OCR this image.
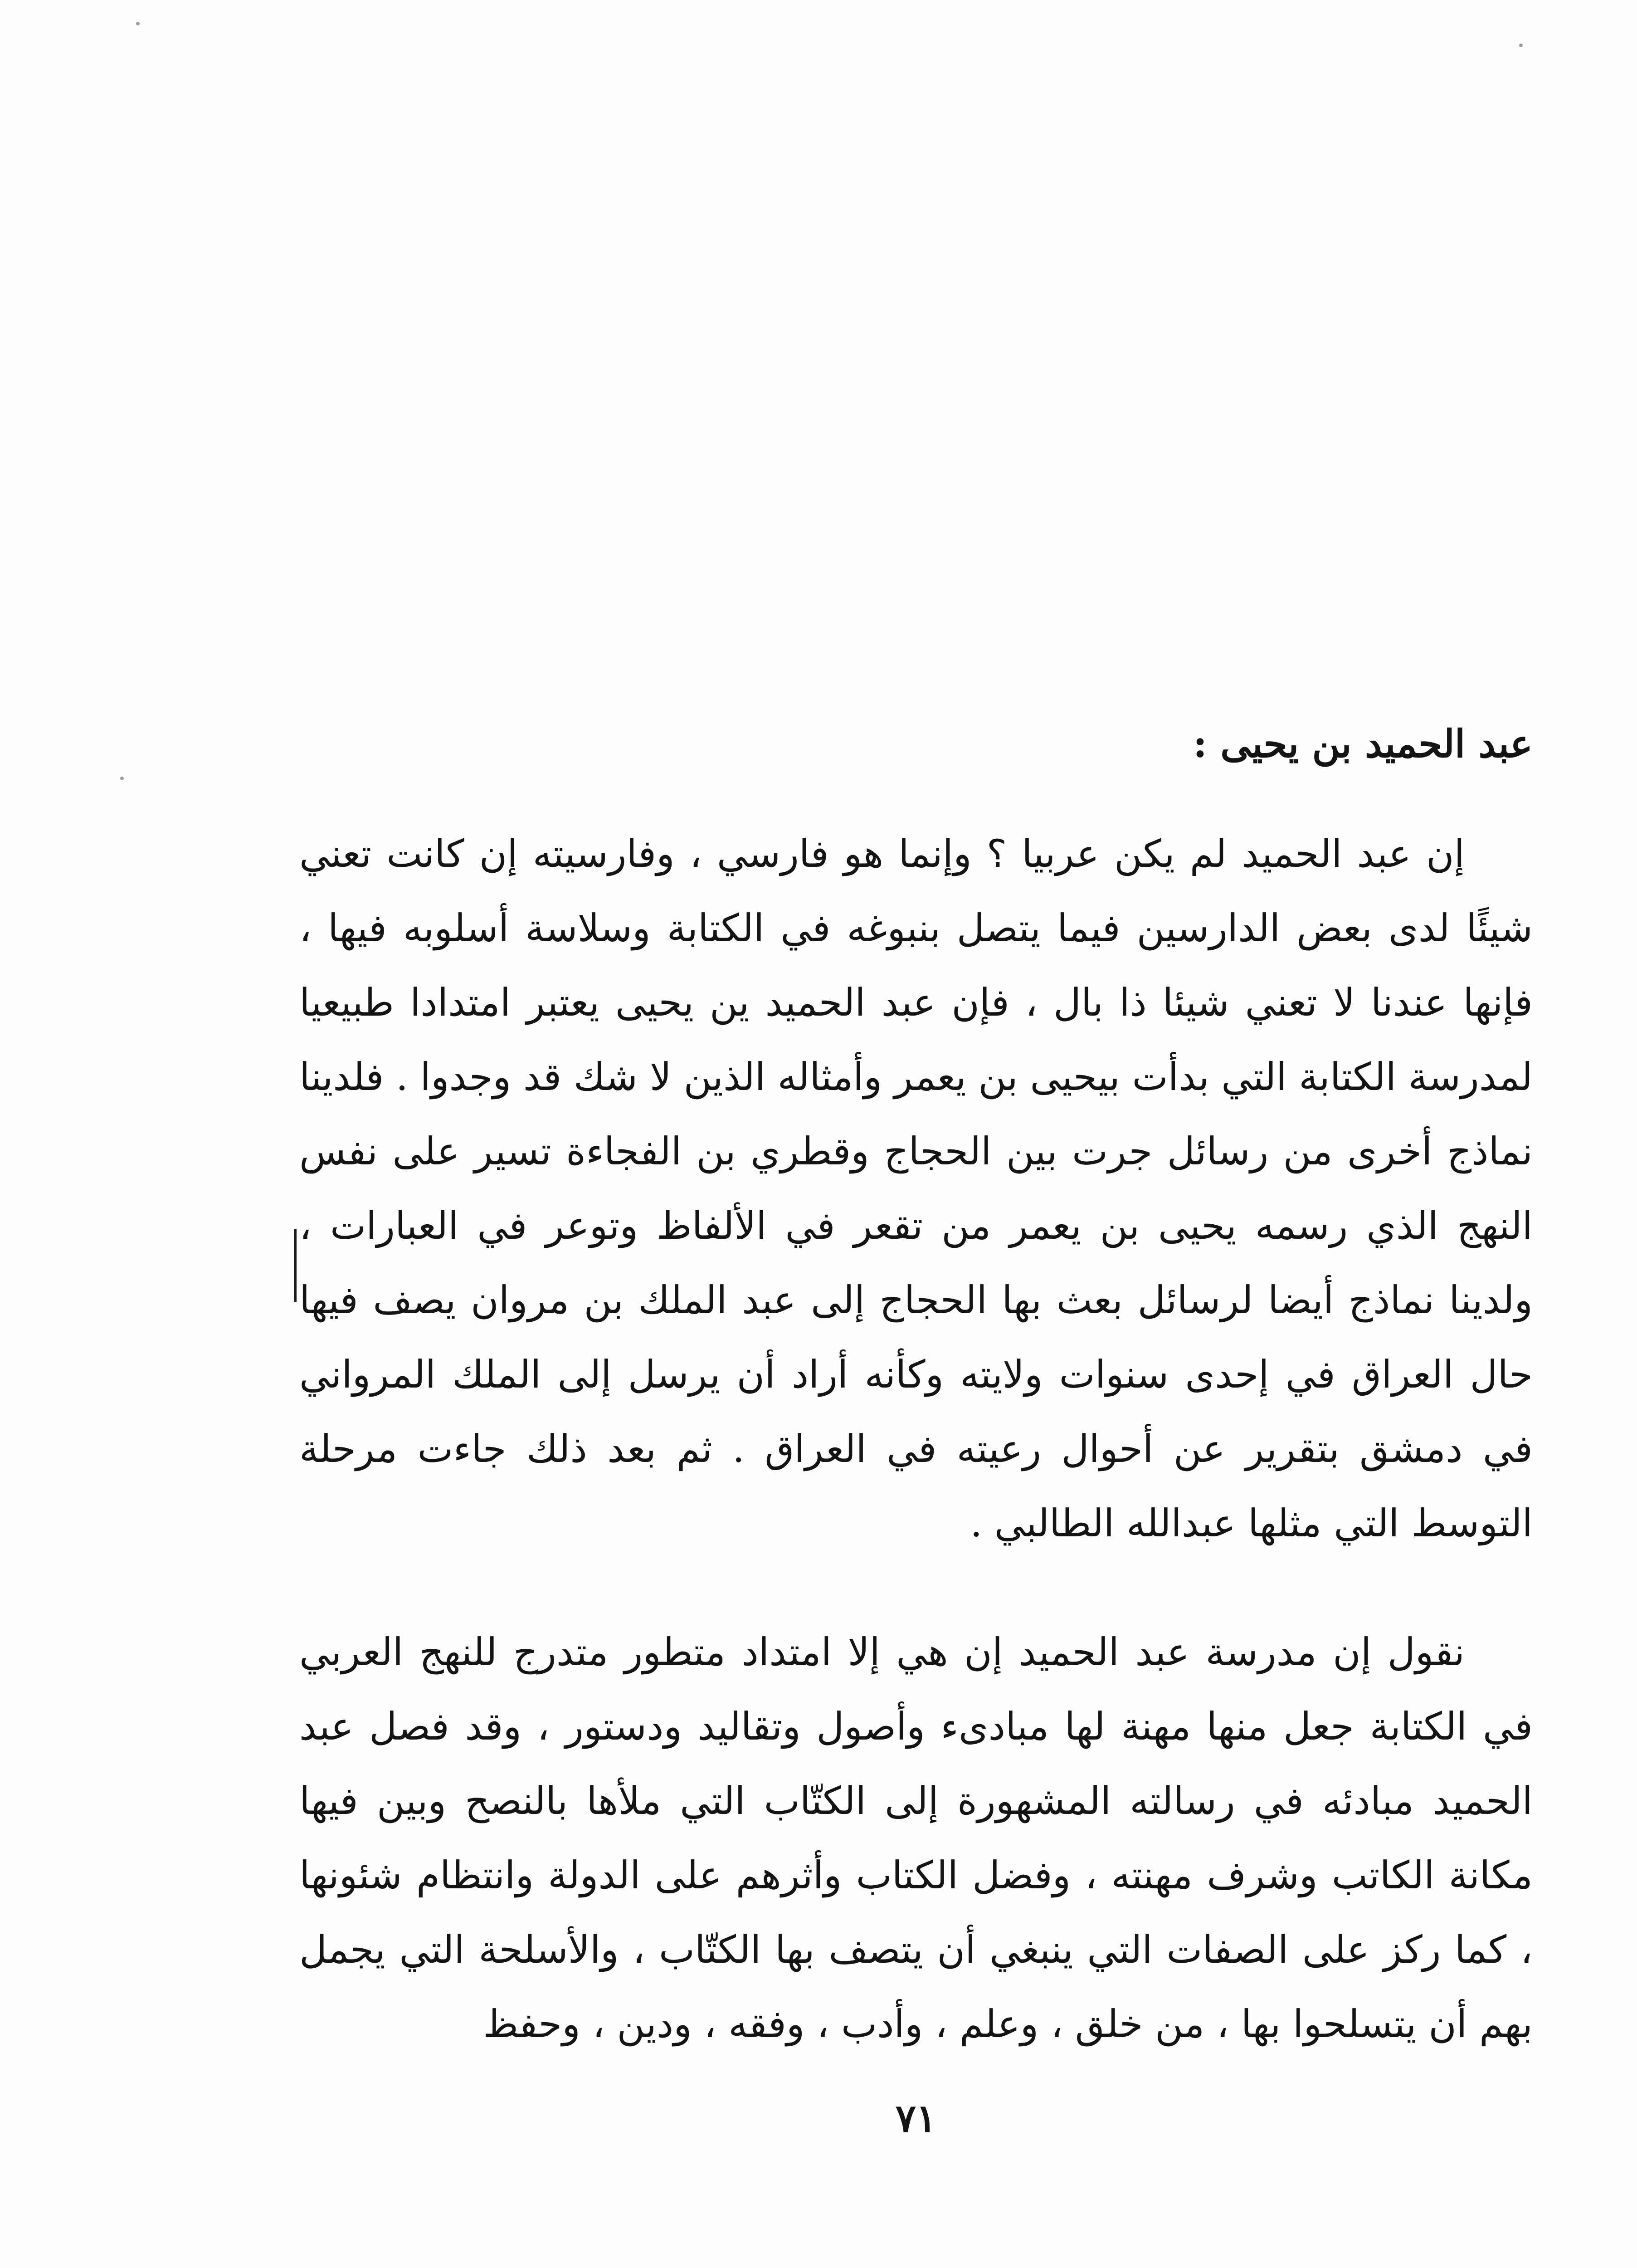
عبد الحميد بن يحيى :
إن عبد الحميد لم يكن عربيا ؟ وإنما هو فارسي ، وفارسيته إن كانت تعني شيئًا لدى بعض الدارسين فيما يتصل بنبوغه في الكتابة وسلاسة أسلوبه فيها ، فإنها عندنا لا تعني شيئا ذا بال ، فإن عبد الحميد ين يحيى يعتبر امتدادا طبيعيا لمدرسة الكتابة التي بدأت بيحيى بن يعمر وأمثاله الذين لا شك قد وجدوا . فلدينا نماذج أخرى من رسائل جرت بين الحجاج وقطري بن الفجاءة تسير على نفس النهج الذي رسمه يحيى بن يعمر من تقعر في الألفاظ وتوعر في العبارات ، ولدينا نماذج أيضا لرسائل بعث بها الحجاج إلى عبد الملك بن مروان يصف فيها حال العراق في إحدى سنوات ولايته وكأنه أراد أن يرسل إلى الملك المرواني في دمشق بتقرير عن أحوال رعيته في العراق . ثم بعد ذلك جاءت مرحلة التوسط التي مثلها عبدالله الطالبي .
نقول إن مدرسة عبد الحميد إن هي إلا امتداد متطور متدرج للنهج العربي في الكتابة جعل منها مهنة لها مبادىء وأصول وتقاليد ودستور ، وقد فصل عبد الحميد مبادئه في رسالته المشهورة إلى الكتّاب التي ملأها بالنصح وبين فيها مكانة الكاتب وشرف مهنته ، وفضل الكتاب وأثرهم على الدولة وانتظام شئونها ، كما ركز على الصفات التي ينبغي أن يتصف بها الكتّاب ، والأسلحة التي يجمل بهم أن يتسلحوا بها ، من خلق ، وعلم ، وأدب ، وفقه ، ودين ، وحفظ
٧١
